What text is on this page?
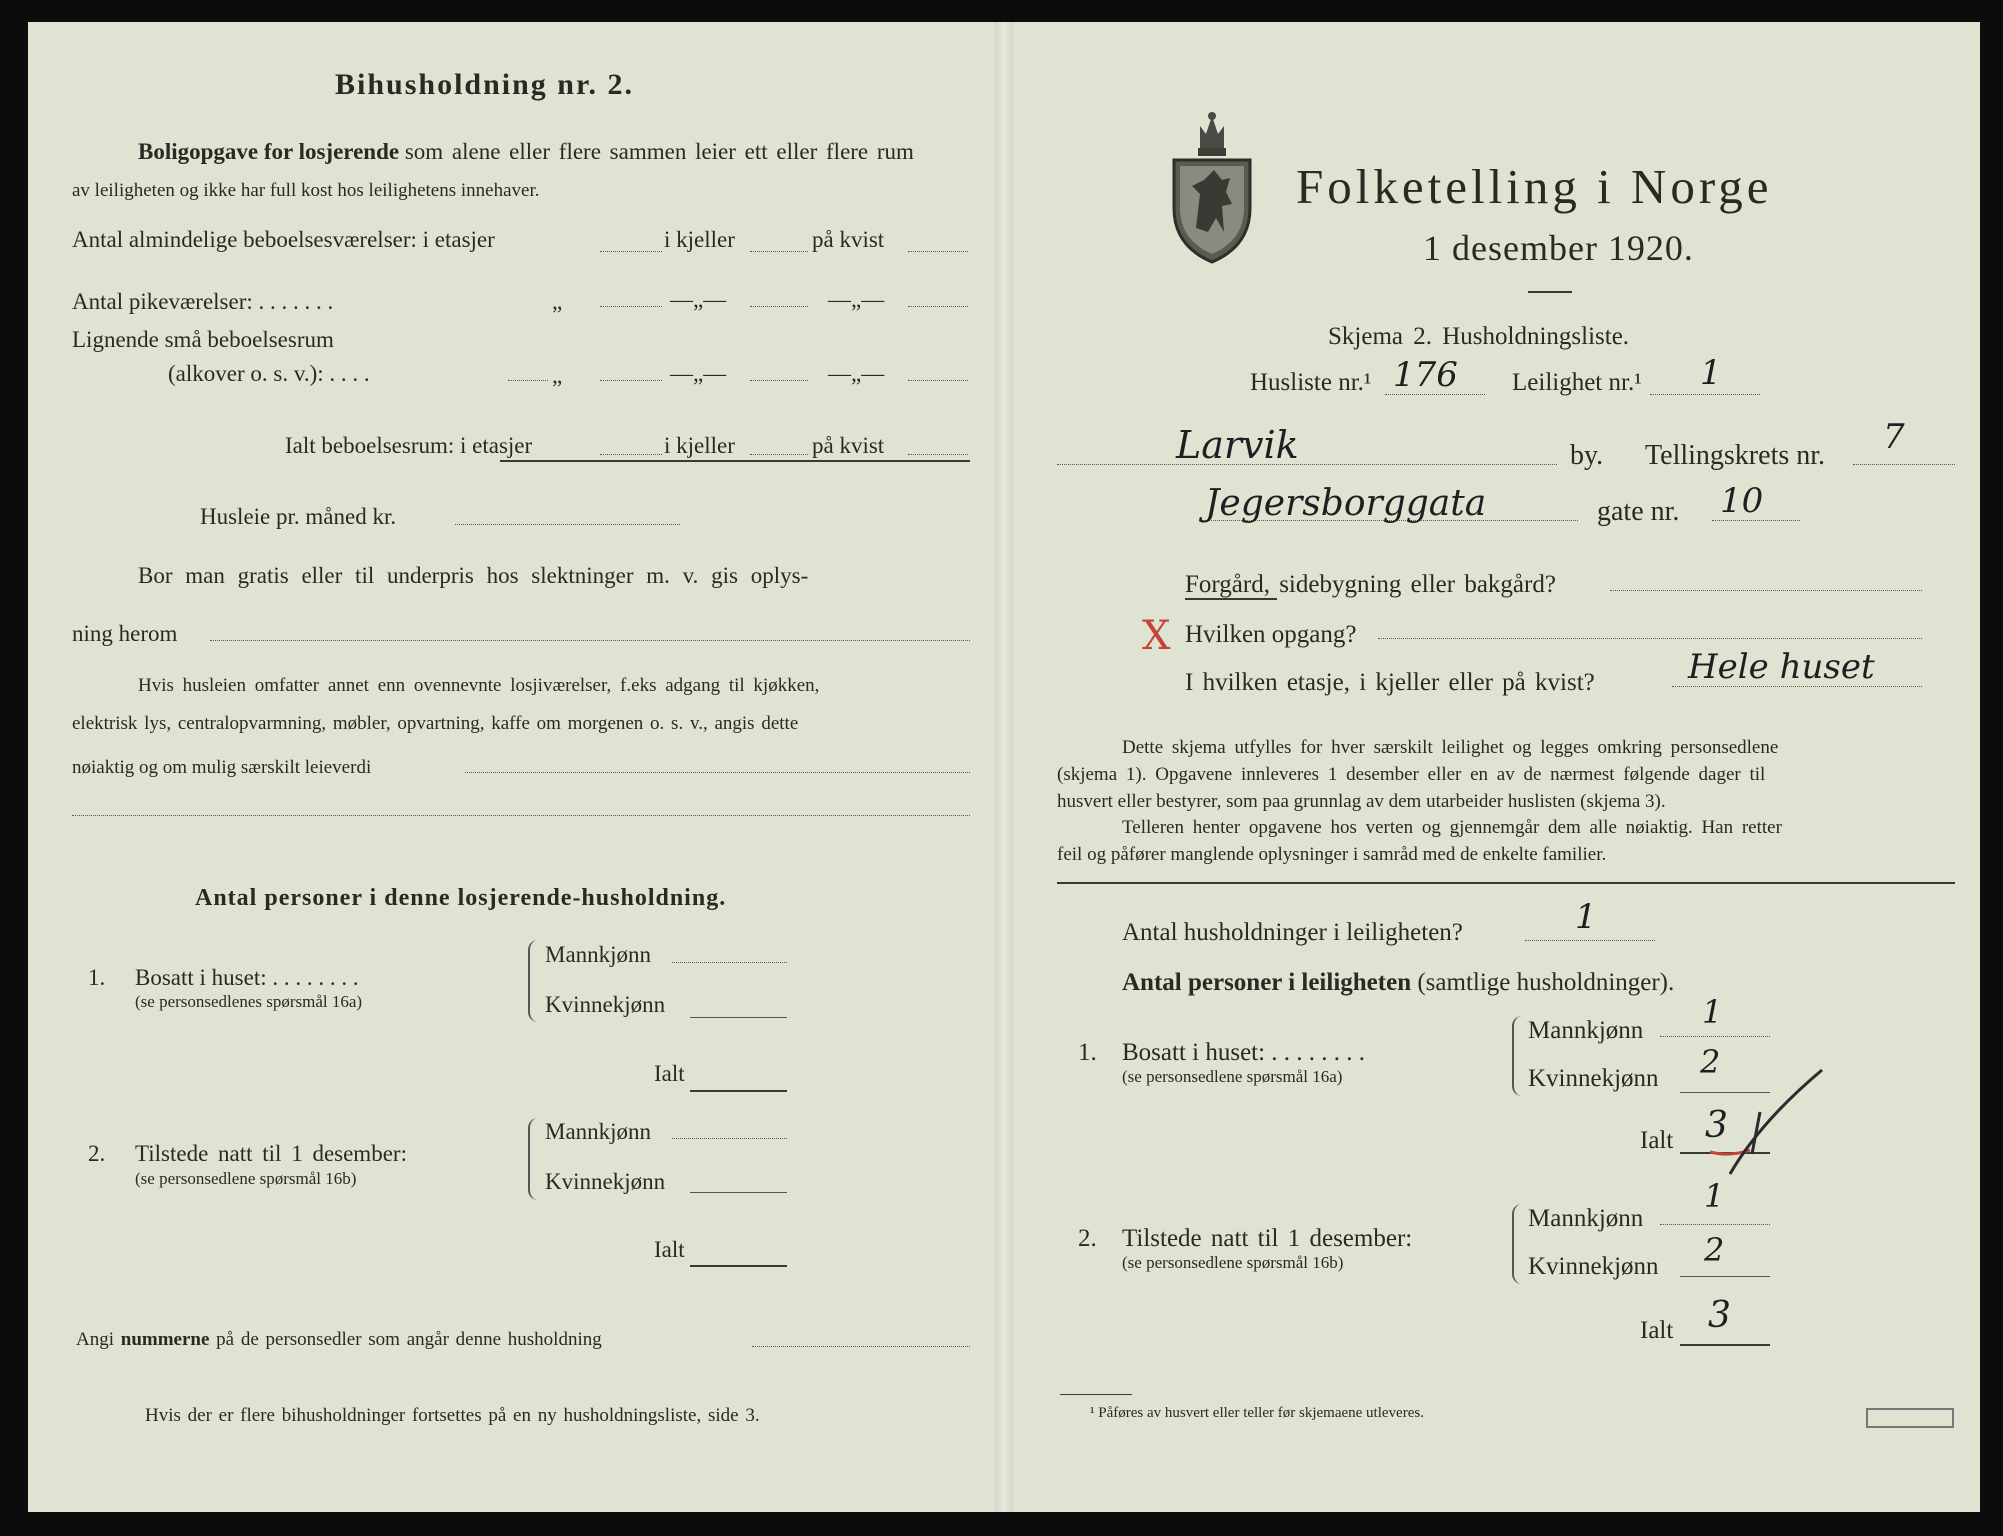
Bihusholdning nr. 2.
Boligopgave for losjerende som alene eller flere sammen leier ett eller flere rum
av leiligheten og ikke har full kost hos leilighetens innehaver.
Antal almindelige beboelsesværelser: i etasjer	i kjeller	på kvist
Antal pikeværelser: . . . . . . .	„	—„—	—„—
Lignende små beboelsesrum
(alkover o. s. v.): . . . .	„	—„—	—„—
Ialt beboelsesrum: i etasjer	i kjeller	på kvist
Husleie pr. måned kr.
Bor man gratis eller til underpris hos slektninger m. v. gis oplys-
ning herom
Hvis husleien omfatter annet enn ovennevnte losjiværelser, f.eks adgang til kjøkken,
elektrisk lys, centralopvarmning, møbler, opvartning, kaffe om morgenen o. s. v., angis dette
nøiaktig og om mulig særskilt leieverdi
Antal personer i denne losjerende-husholdning.
1. Bosatt i huset: . . . . . . . .
(se personsedlenes spørsmål 16a)
Mannkjønn
Kvinnekjønn
Ialt
2. Tilstede natt til 1 desember:
(se personsedlene spørsmål 16b)
Mannkjønn
Kvinnekjønn
Ialt
Angi nummerne på de personsedler som angår denne husholdning
Hvis der er flere bihusholdninger fortsettes på en ny husholdningsliste, side 3.
Folketelling i Norge
1 desember 1920.
Skjema 2. Husholdningsliste.
Husliste nr.¹ 176 Leilighet nr.¹ 1
Larvik	by. Tellingskrets nr. 7
Jegersborggata	gate nr. 10
Forgård, sidebygning eller bakgård?
X Hvilken opgang?
I hvilken etasje, i kjeller eller på kvist?	Hele huset
Dette skjema utfylles for hver særskilt leilighet og legges omkring personsedlene
(skjema 1). Opgavene innleveres 1 desember eller en av de nærmest følgende dager til
husvert eller bestyrer, som paa grunnlag av dem utarbeider huslisten (skjema 3).
Telleren henter opgavene hos verten og gjennemgår dem alle nøiaktig. Han retter
feil og påfører manglende oplysninger i samråd med de enkelte familier.
Antal husholdninger i leiligheten?	1
Antal personer i leiligheten (samtlige husholdninger).
1. Bosatt i huset: . . . . . . . .
(se personsedlene spørsmål 16a)
Mannkjønn 1
Kvinnekjønn 2
Ialt 3
2. Tilstede natt til 1 desember:
(se personsedlene spørsmål 16b)
Mannkjønn
1
Kvinnekjønn 2
Ialt 3
¹ Påføres av husvert eller teller før skjemaene utleveres.
